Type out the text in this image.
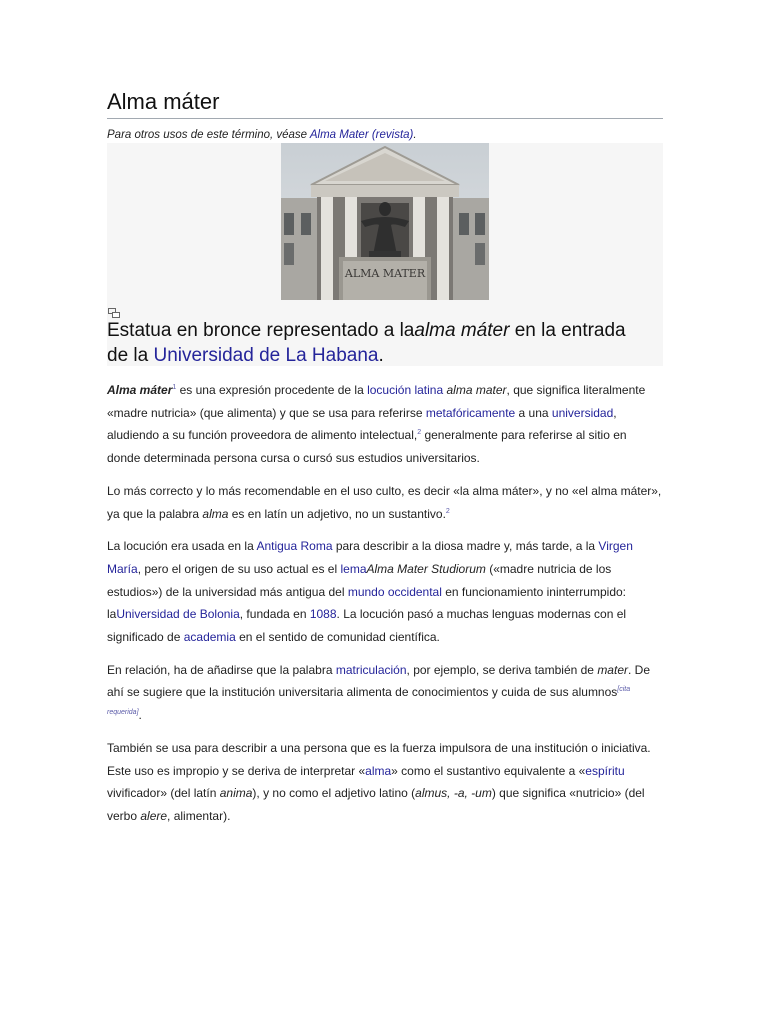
Alma máter
Para otros usos de este término, véase Alma Mater (revista).
ALMA MATER
Estatua en bronce representado a laalma máter en la entrada de la Universidad de La Habana.

Alma máter$^1$ es una expresión procedente de la locución latina alma mater, que significa literalmente «madre nutricia» (que alimenta) y que se usa para referirse metafóricamente a una universidad, aludiendo a su función proveedora de alimento intelectual,$^2$ generalmente para referirse al sitio en donde determinada persona cursa o cursó sus estudios universitarios.

Lo más correcto y lo más recomendable en el uso culto, es decir «la alma máter», y no «el alma máter», ya que la palabra alma es en latín un adjetivo, no un sustantivo.$^2$

La locución era usada en la Antigua Roma para describir a la diosa madre y, más tarde, a la Virgen María, pero el origen de su uso actual es el lemaAlma Mater Studiorum («madre nutricia de los estudios») de la universidad más antigua del mundo occidental en funcionamiento ininterrumpido: laUniversidad de Bolonia, fundada en 1088. La locución pasó a muchas lenguas modernas con el significado de academia en el sentido de comunidad científica.

En relación, ha de añadirse que la palabra matriculación, por ejemplo, se deriva también de mater. De ahí se sugiere que la institución universitaria alimenta de conocimientos y cuida de sus alumnos[cita requerida].

También se usa para describir a una persona que es la fuerza impulsora de una institución o iniciativa. Este uso es impropio y se deriva de interpretar «alma» como el sustantivo equivalente a «espíritu vivificador» (del latín anima), y no como el adjetivo latino (almus, -a, -um) que significa «nutricio» (del verbo alere, alimentar).
